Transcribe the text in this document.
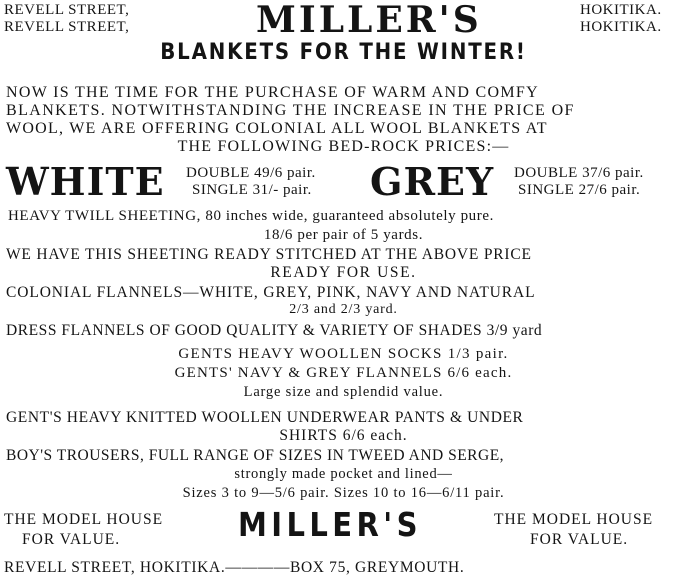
REVELL STREET,
REVELL STREET,	MILLER'S	HOKITIKA.
HOKITIKA.
BLANKETS FOR THE WINTER!
NOW IS THE TIME FOR THE PURCHASE OF WARM AND COMFY
BLANKETS. NOTWITHSTANDING THE INCREASE IN THE PRICE OF
WOOL, WE ARE OFFERING COLONIAL ALL WOOL BLANKETS AT
THE FOLLOWING BED-ROCK PRICES:—
WHITE DOUBLE 49/6 pair.
SINGLE 31/- pair. GREY DOUBLE 37/6 pair.
SINGLE 27/6 pair.
HEAVY TWILL SHEETING, 80 inches wide, guaranteed absolutely pure.
18/6 per pair of 5 yards.
WE HAVE THIS SHEETING READY STITCHED AT THE ABOVE PRICE
READY FOR USE.
COLONIAL FLANNELS—WHITE, GREY, PINK, NAVY AND NATURAL
2/3 and 2/3 yard.
DRESS FLANNELS OF GOOD QUALITY & VARIETY OF SHADES 3/9 yard
GENTS HEAVY WOOLLEN SOCKS 1/3 pair.
GENTS' NAVY & GREY FLANNELS 6/6 each.
Large size and splendid value.
GENT'S HEAVY KNITTED WOOLLEN UNDERWEAR PANTS & UNDER
SHIRTS 6/6 each.
BOY'S TROUSERS, FULL RANGE OF SIZES IN TWEED AND SERGE,
strongly made pocket and lined—
Sizes 3 to 9—5/6 pair. Sizes 10 to 16—6/11 pair.
THE MODEL HOUSE
FOR VALUE.	MILLER'S	THE MODEL HOUSE
FOR VALUE.
REVELL STREET, HOKITIKA.————BOX 75, GREYMOUTH.
